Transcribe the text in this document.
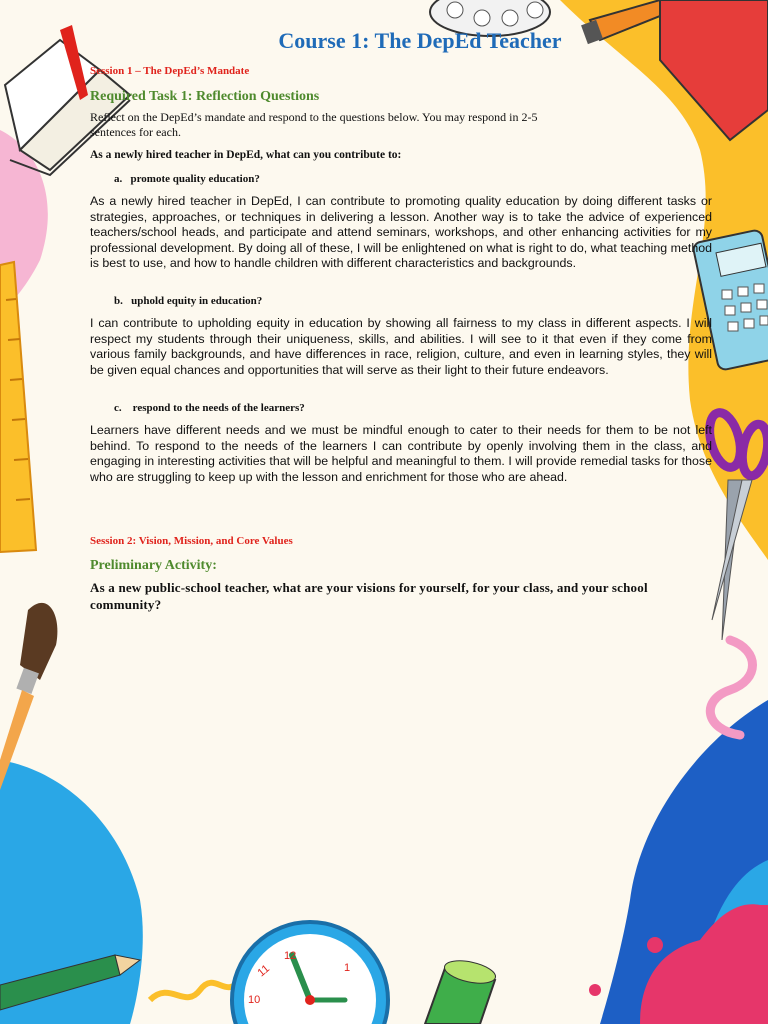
11
12
1
10
Course 1: The DepEd Teacher
Session 1 – The DepEd’s Mandate
Required Task 1: Reflection Questions
Reflect on the DepEd’s mandate and respond to the questions below. You may respond in 2-5
sentences for each.
As a newly hired teacher in DepEd, what can you contribute to:
a. promote quality education?
As a newly hired teacher in DepEd, I can contribute to promoting quality education by doing different tasks or strategies, approaches, or techniques in delivering a lesson. Another way is to take the advice of experienced teachers/school heads, and participate and attend seminars, workshops, and other enhancing activities for my professional development. By doing all of these, I will be enlightened on what is right to do, what teaching method is best to use, and how to handle children with different characteristics and backgrounds.
b. uphold equity in education?
I can contribute to upholding equity in education by showing all fairness to my class in different aspects. I will respect my students through their uniqueness, skills, and abilities. I will see to it that even if they come from various family backgrounds, and have differences in race, religion, culture, and even in learning styles, they will be given equal chances and opportunities that will serve as their light to their future endeavors.
c. respond to the needs of the learners?
Learners have different needs and we must be mindful enough to cater to their needs for them to be not left behind. To respond to the needs of the learners I can contribute by openly involving them in the class, and engaging in interesting activities that will be helpful and meaningful to them. I will provide remedial tasks for those who are struggling to keep up with the lesson and enrichment for those who are ahead.
Session 2: Vision, Mission, and Core Values
Preliminary Activity:
As a new public-school teacher, what are your visions for yourself, for your class, and your school community?
